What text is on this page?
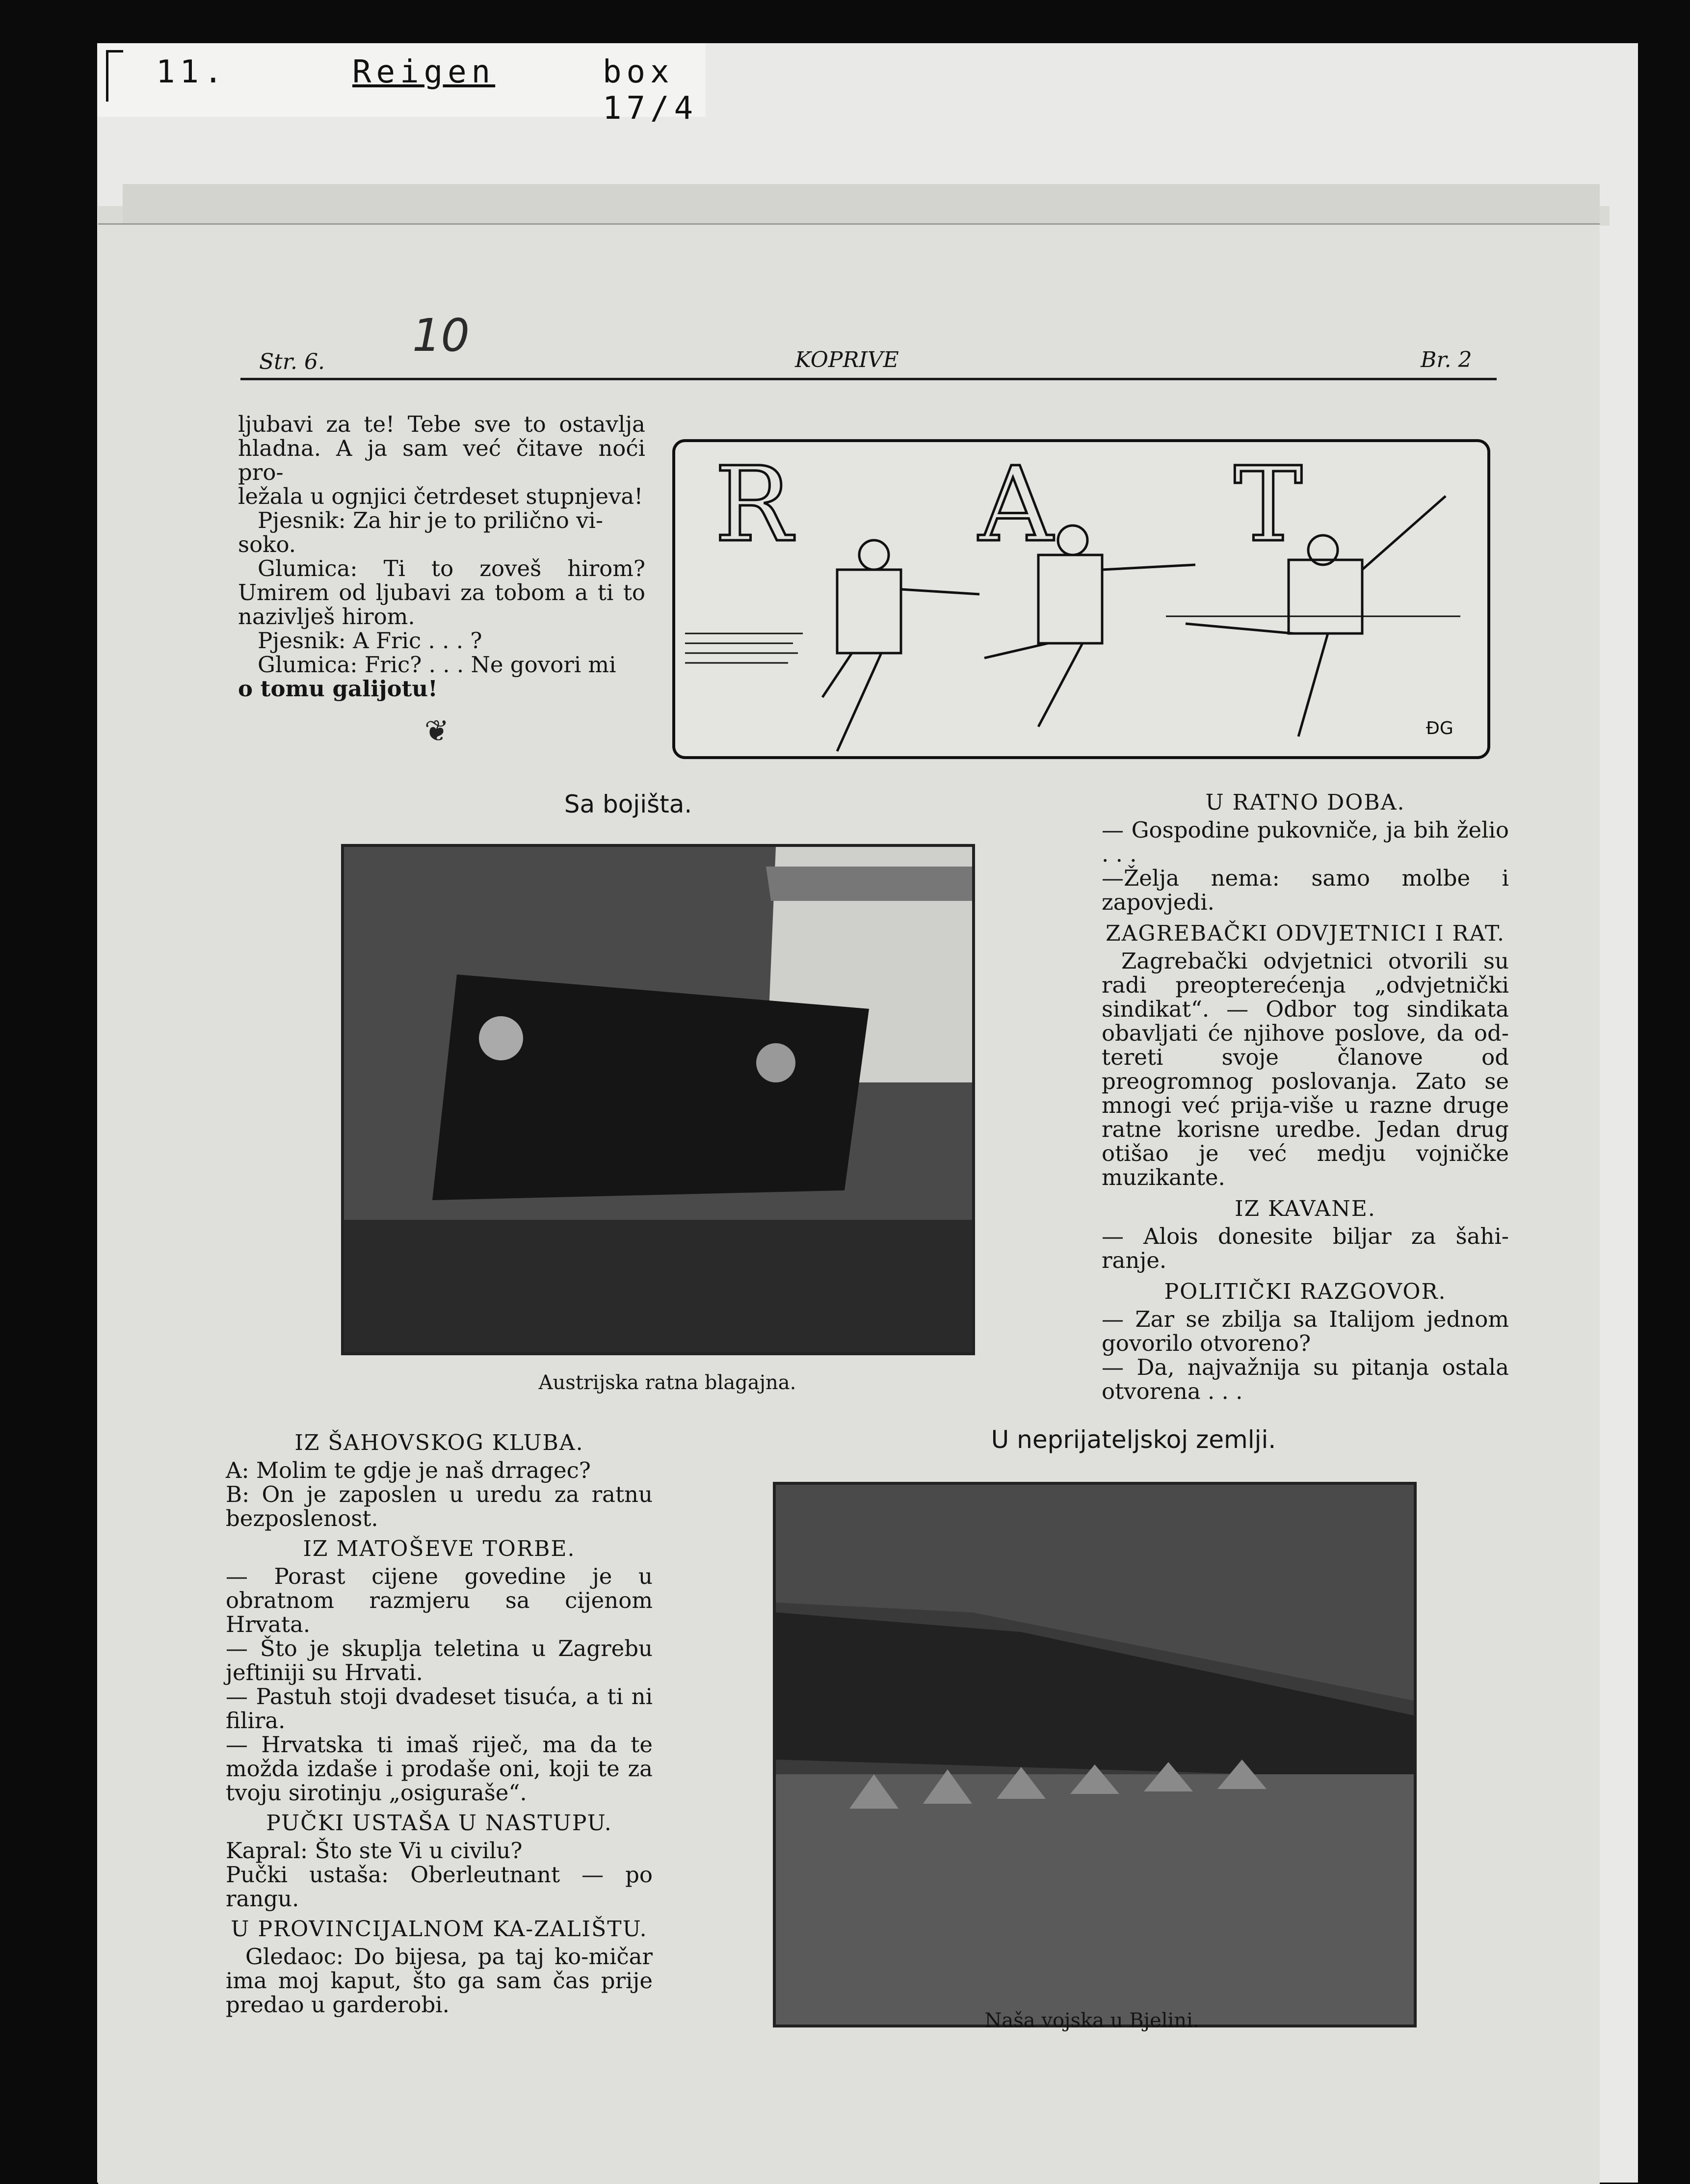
11.	Reigen	box 17/4
Str. 6.
10	KOPRIVE	Br. 2

ljubavi za te! Tebe sve to ostavlja hladna. A ja sam već čitave noći pro-

ležala u ognjici četrdeset stupnjeva!

Pjesnik: Za hir je to prilično vi-

soko.

Glumica: Ti to zoveš hirom? Umirem od ljubavi za tobom a ti to nazivlješ hirom.

Pjesnik: A Fric . . . ?

Glumica: Fric? . . . Ne govori mi

o tomu galijotu!

❦
RAT
ĐG
Sa bojišta.
Austrijska ratna blagajna.
U RATNO DOBA.
— Gospodine pukovniče, ja bih želio . . .
—Želja nema: samo molbe i zapovjedi.
ZAGREBAČKI ODVJETNICI I RAT.
Zagrebački odvjetnici otvorili su radi preopterećenja „odvjetnički sindikat“. — Odbor tog sindikata obavljati će njihove poslove, da od-tereti svoje članove od preogromnog poslovanja. Zato se mnogi već prija-više u razne druge ratne korisne uredbe. Jedan drug otišao je već medju vojničke muzikante.
IZ KAVANE.
— Alois donesite biljar za šahi-ranje.
POLITIČKI RAZGOVOR.
— Zar se zbilja sa Italijom jednom govorilo otvoreno?
— Da, najvažnija su pitanja ostala otvorena . . .
U neprijateljskoj zemlji.
Naša vojska u Bjelini.
IZ ŠAHOVSKOG KLUBA.
A: Molim te gdje je naš drragec?
B: On je zaposlen u uredu za ratnu bezposlenost.
IZ MATOŠEVE TORBE.
— Porast cijene govedine je u obratnom razmjeru sa cijenom Hrvata.
— Što je skuplja teletina u Zagrebu jeftiniji su Hrvati.
— Pastuh stoji dvadeset tisuća, a ti ni filira.
— Hrvatska ti imaš riječ, ma da te možda izdaše i prodaše oni, koji te za tvoju sirotinju „osiguraše“.
PUČKI USTAŠA U NASTUPU.
Kapral: Što ste Vi u civilu?
Pučki ustaša: Oberleutnant — po rangu.
U PROVINCIJALNOM KA-ZALIŠTU.
Gledaoc: Do bijesa, pa taj ko-mičar ima moj kaput, što ga sam čas prije predao u garderobi.
